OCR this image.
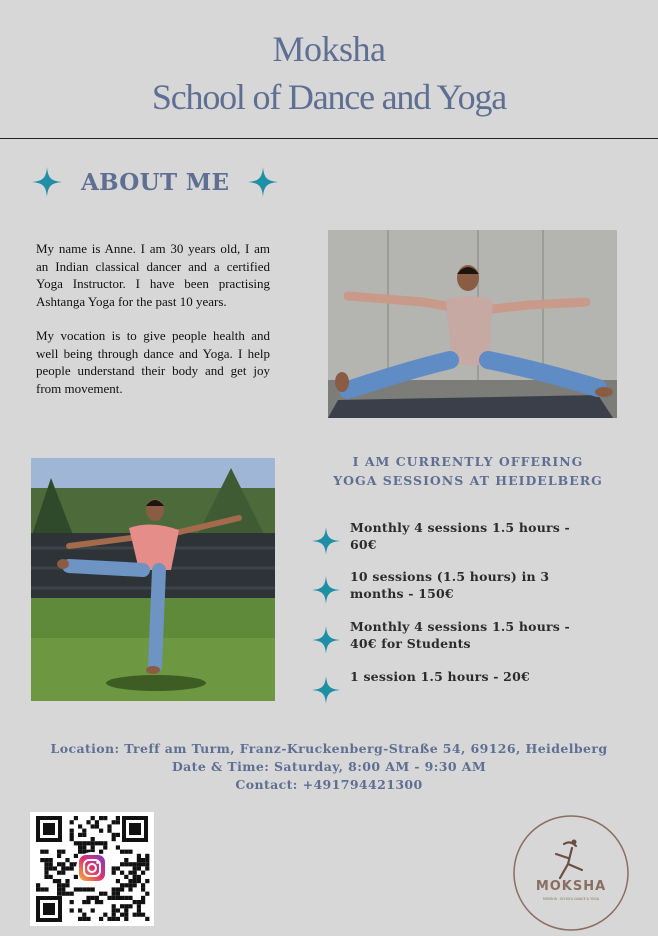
Moksha
School of Dance and Yoga
ABOUT ME

My name is Anne. I am 30 years old, I am an Indian classical dancer and a certified Yoga Instructor. I have been practising Ashtanga Yoga for the past 10 years.

My vocation is to give people health and well being through dance and Yoga. I help people understand their body and get joy from movement.

I AM CURRENTLY OFFERING
YOGA SESSIONS AT HEIDELBERG
Monthly 4 sessions 1.5 hours - 60€
10 sessions (1.5 hours) in 3 months - 150€
Monthly 4 sessions 1.5 hours - 40€ for Students
1 session 1.5 hours - 20€
Location: Treff am Turm, Franz-Kruckenberg-Straße 54, 69126, Heidelberg
Date & Time: Saturday, 8:00 AM - 9:30 AM
Contact: +491794421300
MOKSHA
MOKSHA · SCHOOL DANCE & YOGA
